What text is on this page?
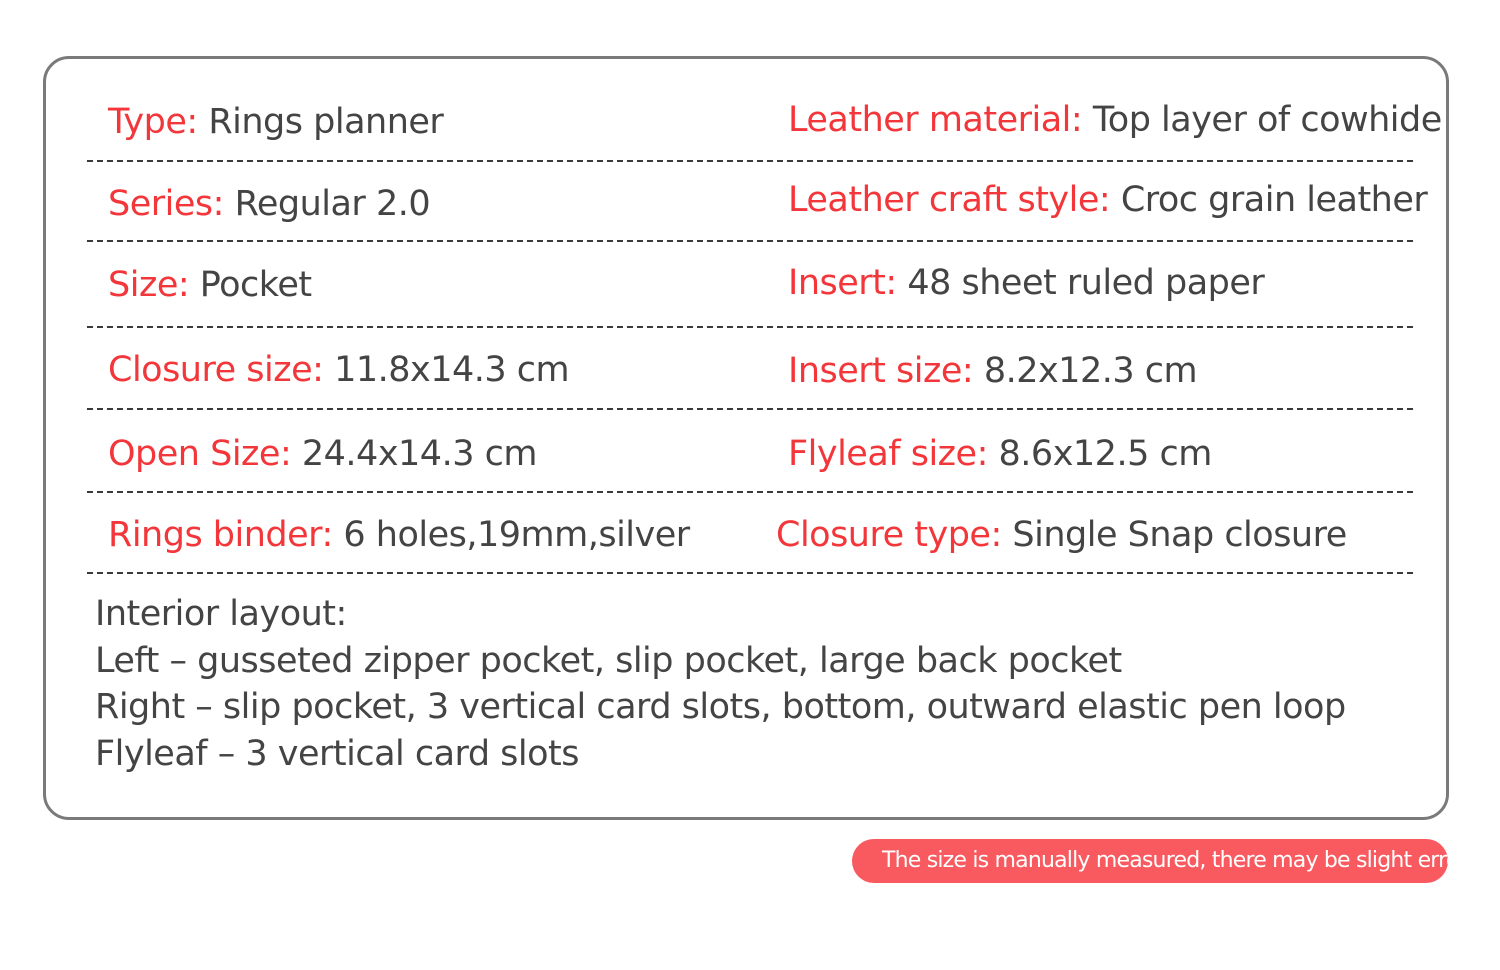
Type: Rings planner	Leather material: Top layer of cowhide
Series: Regular 2.0	Leather craft style: Croc grain leather
Size: Pocket	Insert: 48 sheet ruled paper
Closure size: 11.8x14.3 cm	Insert size: 8.2x12.3 cm
Open Size: 24.4x14.3 cm	Flyleaf size: 8.6x12.5 cm
Rings binder: 6 holes,19mm,silver Closure type: Single Snap closure
Interior layout:
Left – gusseted zipper pocket, slip pocket, large back pocket
Right – slip pocket, 3 vertical card slots, bottom, outward elastic pen loop
Flyleaf – 3 vertical card slots
The size is manually measured, there may be slight errors
